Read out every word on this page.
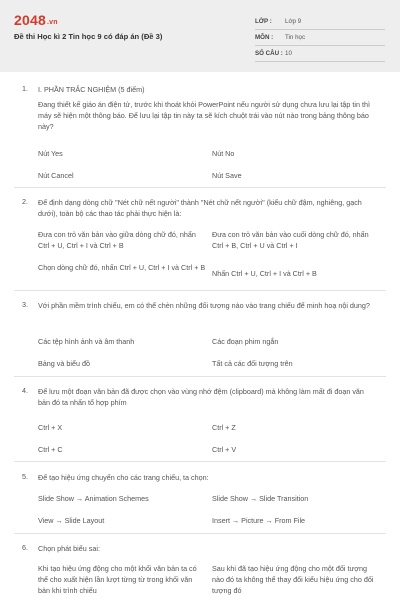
2048.vn
Đề thi Học kì 2 Tin học 9 có đáp án (Đề 3)
LỚP :	Lớp 9
MÔN :	Tin học
SỐ CÂU : 10
1. I. PHẦN TRẮC NGHIỆM (5 điểm)
Đang thiết kế giáo án điện tử, trước khi thoát khỏi PowerPoint nếu người sử dụng chưa lưu lại tập tin thì máy sẽ hiện một thông báo. Để lưu lại tập tin này ta sẽ kích chuột trái vào nút nào trong bảng thông báo này?
Nút Yes	Nút No
Nút Cancel	Nút Save
2. Để định dạng dòng chữ "Nét chữ nết người" thành "Nét chữ nết người" (kiểu chữ đậm, nghiêng, gạch dưới), toàn bộ các thao tác phải thực hiện là:
Đưa con trỏ văn bản vào giữa dòng chữ đó, nhấn Ctrl + U, Ctrl + I và Ctrl + B
Đưa con trỏ văn bản vào cuối dòng chữ đó, nhấn Ctrl + B, Ctrl + U và Ctrl + I
Chọn dòng chữ đó, nhấn Ctrl + U, Ctrl + I và Ctrl + B
Nhấn Ctrl + U, Ctrl + I và Ctrl + B
3. Với phần mềm trình chiếu, em có thể chèn những đối tượng nào vào trang chiếu để minh hoạ nội dung?
Các tệp hình ảnh và âm thanh	Các đoạn phim ngắn
Bảng và biểu đồ	Tất cả các đối tượng trên
4. Để lưu một đoạn văn bản đã được chọn vào vùng nhớ đệm (clipboard) mà không làm mất đi đoạn văn bản đó ta nhấn tổ hợp phím
Ctrl + X	Ctrl + Z
Ctrl + C	Ctrl + V
5. Để tạo hiệu ứng chuyển cho các trang chiếu, ta chọn:
Slide Show → Animation Schemes	Slide Show → Slide Transition
View → Slide Layout	Insert → Picture → From File
6. Chọn phát biểu sai:
Khi tạo hiệu ứng động cho một khối văn bản ta có thể cho xuất hiện lần lượt từng từ trong khối văn bản khi trình chiếu
Sau khi đã tạo hiệu ứng động cho một đối tượng nào đó ta không thể thay đổi kiểu hiệu ứng cho đối tượng đó
